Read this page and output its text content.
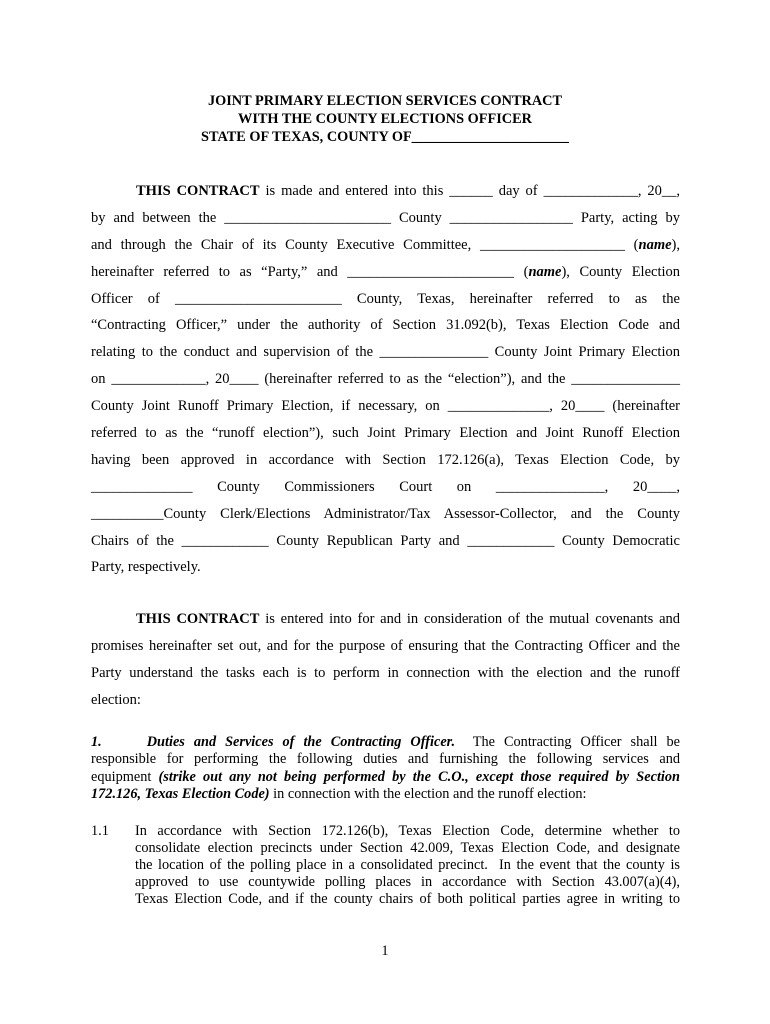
JOINT PRIMARY ELECTION SERVICES CONTRACT
WITH THE COUNTY ELECTIONS OFFICER
STATE OF TEXAS, COUNTY OF______________________
THIS CONTRACT is made and entered into this ______ day of _____________, 20__,
by and between the _______________________ County _________________ Party, acting by
and through the Chair of its County Executive Committee, ____________________ (name),
hereinafter referred to as “Party,” and _______________________ (name), County Election
Officer of _______________________ County, Texas, hereinafter referred to as the
“Contracting Officer,” under the authority of Section 31.092(b), Texas Election Code and
relating to the conduct and supervision of the _______________ County Joint Primary Election
on _____________, 20____ (hereinafter referred to as the “election”), and the _______________
County Joint Runoff Primary Election, if necessary, on ______________, 20____ (hereinafter
referred to as the “runoff election”), such Joint Primary Election and Joint Runoff Election
having been approved in accordance with Section 172.126(a), Texas Election Code, by
______________ County Commissioners Court on _______________, 20____,
__________County Clerk/Elections Administrator/Tax Assessor-Collector, and the County
Chairs of the ____________ County Republican Party and ____________ County Democratic
Party, respectively.
THIS CONTRACT is entered into for and in consideration of the mutual covenants and
promises hereinafter set out, and for the purpose of ensuring that the Contracting Officer and the
Party understand the tasks each is to perform in connection with the election and the runoff
election:
1.     Duties and Services of the Contracting Officer.  The Contracting Officer shall be
responsible for performing the following duties and furnishing the following services and
equipment (strike out any not being performed by the C.O., except those required by Section
172.126, Texas Election Code) in connection with the election and the runoff election:
1.1 In accordance with Section 172.126(b), Texas Election Code, determine whether to
consolidate election precincts under Section 42.009, Texas Election Code, and designate
the location of the polling place in a consolidated precinct.  In the event that the county is
approved to use countywide polling places in accordance with Section 43.007(a)(4),
Texas Election Code, and if the county chairs of both political parties agree in writing to
1
